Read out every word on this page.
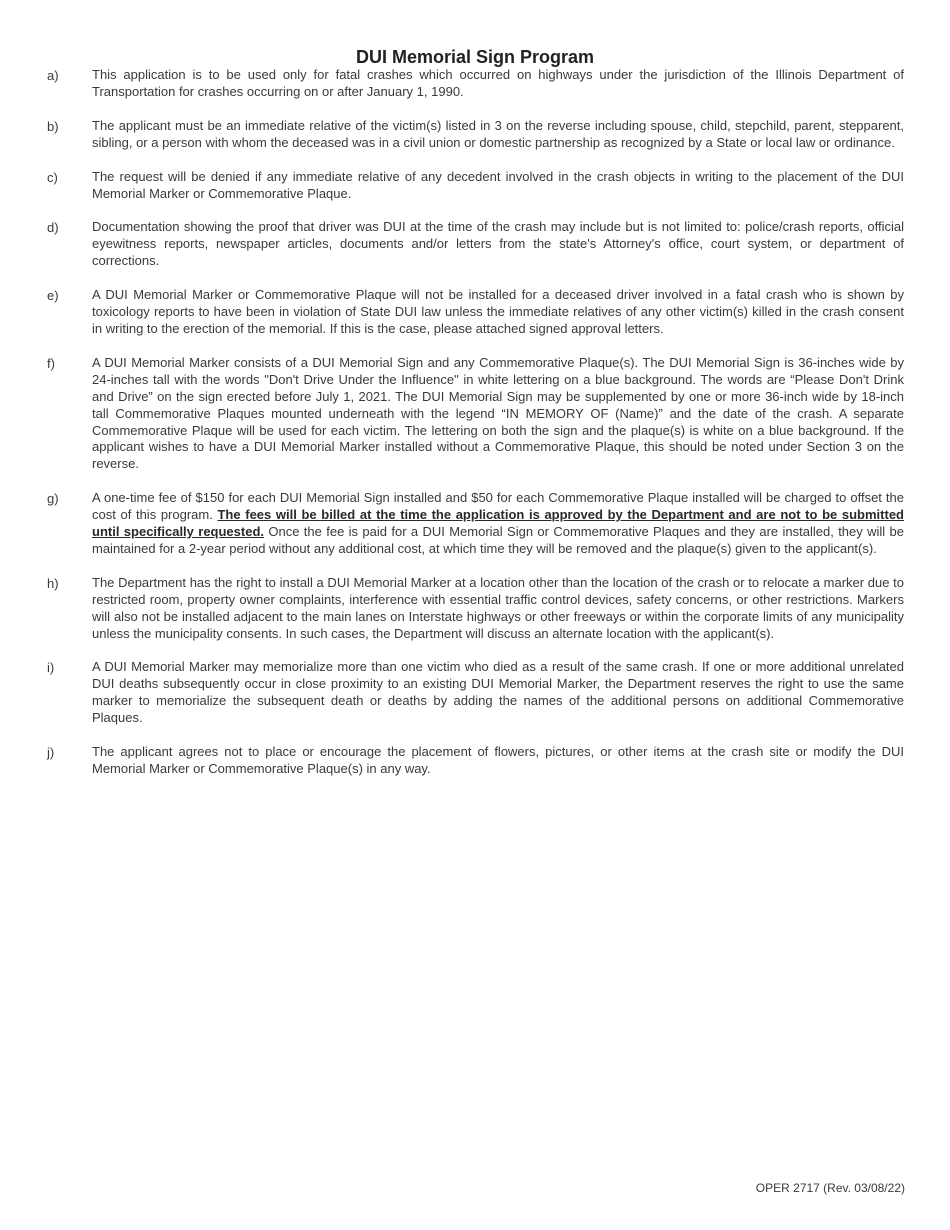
DUI Memorial Sign Program
a)	This application is to be used only for fatal crashes which occurred on highways under the jurisdiction of the Illinois Department of Transportation for crashes occurring on or after January 1, 1990.
b)	The applicant must be an immediate relative of the victim(s) listed in 3 on the reverse including spouse, child, stepchild, parent, stepparent, sibling, or a person with whom the deceased was in a civil union or domestic partnership as recognized by a State or local law or ordinance.
c)	The request will be denied if any immediate relative of any decedent involved in the crash objects in writing to the placement of the DUI Memorial Marker or Commemorative Plaque.
d)	Documentation showing the proof that driver was DUI at the time of the crash may include but is not limited to: police/crash reports, official eyewitness reports, newspaper articles, documents and/or letters from the state's Attorney's office, court system, or department of corrections.
e)	A DUI Memorial Marker or Commemorative Plaque will not be installed for a deceased driver involved in a fatal crash who is shown by toxicology reports to have been in violation of State DUI law unless the immediate relatives of any other victim(s) killed in the crash consent in writing to the erection of the memorial. If this is the case, please attached signed approval letters.
f)	A DUI Memorial Marker consists of a DUI Memorial Sign and any Commemorative Plaque(s). The DUI Memorial Sign is 36-inches wide by 24-inches tall with the words "Don't Drive Under the Influence" in white lettering on a blue background. The words are “Please Don't Drink and Drive” on the sign erected before July 1, 2021. The DUI Memorial Sign may be supplemented by one or more 36-inch wide by 18-inch tall Commemorative Plaques mounted underneath with the legend “IN MEMORY OF (Name)” and the date of the crash. A separate Commemorative Plaque will be used for each victim. The lettering on both the sign and the plaque(s) is white on a blue background. If the applicant wishes to have a DUI Memorial Marker installed without a Commemorative Plaque, this should be noted under Section 3 on the reverse.
g)	A one-time fee of $150 for each DUI Memorial Sign installed and $50 for each Commemorative Plaque installed will be charged to offset the cost of this program. The fees will be billed at the time the application is approved by the Department and are not to be submitted until specifically requested. Once the fee is paid for a DUI Memorial Sign or Commemorative Plaques and they are installed, they will be maintained for a 2-year period without any additional cost, at which time they will be removed and the plaque(s) given to the applicant(s).
h)	The Department has the right to install a DUI Memorial Marker at a location other than the location of the crash or to relocate a marker due to restricted room, property owner complaints, interference with essential traffic control devices, safety concerns, or other restrictions. Markers will also not be installed adjacent to the main lanes on Interstate highways or other freeways or within the corporate limits of any municipality unless the municipality consents. In such cases, the Department will discuss an alternate location with the applicant(s).
i)	A DUI Memorial Marker may memorialize more than one victim who died as a result of the same crash. If one or more additional unrelated DUI deaths subsequently occur in close proximity to an existing DUI Memorial Marker, the Department reserves the right to use the same marker to memorialize the subsequent death or deaths by adding the names of the additional persons on additional Commemorative Plaques.
j)	The applicant agrees not to place or encourage the placement of flowers, pictures, or other items at the crash site or modify the DUI Memorial Marker or Commemorative Plaque(s) in any way.
OPER 2717 (Rev. 03/08/22)
